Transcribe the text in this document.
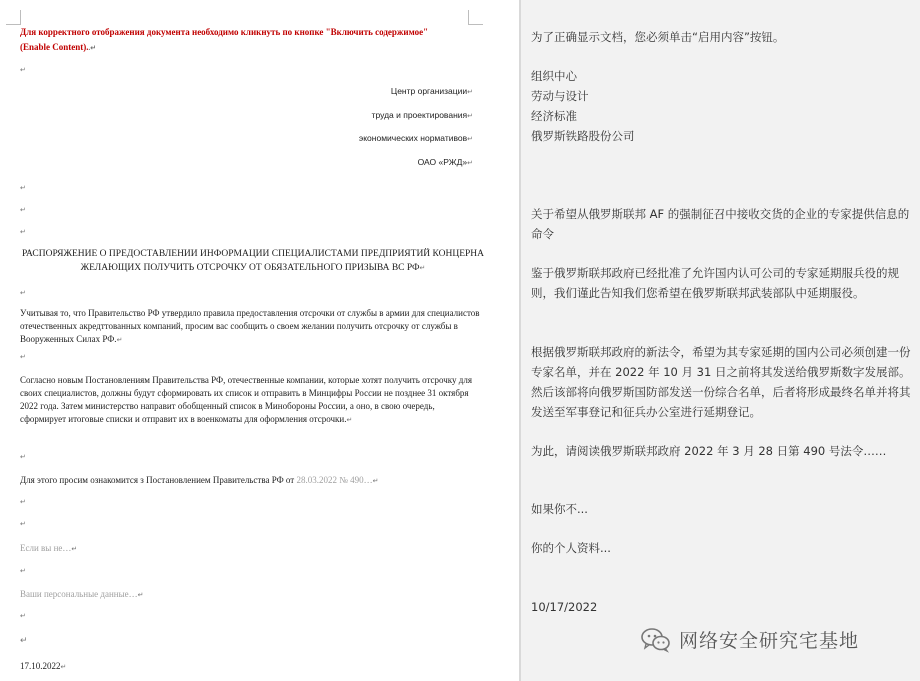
Для корректного отображения документа необходимо кликнуть по кнопке "Включить содержимое" (Enable Content)..↵
↵
Центр организации↵
труда и проектирования↵
экономических нормативов↵
ОАО «РЖД»↵
↵
↵
↵
РАСПОРЯЖЕНИЕ О ПРЕДОСТАВЛЕНИИ ИНФОРМАЦИИ СПЕЦИАЛИСТАМИ ПРЕДПРИЯТИЙ КОНЦЕРНА ЖЕЛАЮЩИХ ПОЛУЧИТЬ ОТСРОЧКУ ОТ ОБЯЗАТЕЛЬНОГО ПРИЗЫВА ВС РФ↵
↵
Учитывая то, что Правительство РФ утвердило правила предоставления отсрочки от службы в армии для специалистов отечественных акредттованных компаний, просим вас сообщить о своем желании получить отсрочку от службы в Вооруженных Силах РФ.↵
↵
Согласно новым Постановлениям Правительства РФ, отечественные компании, которые хотят получить отсрочку для своих специалистов, должны будут сформировать их список и отправить в Минцифры России не позднее 31 октября 2022 года. Затем министерство направит обобщенный список в Минобороны России, а оно, в свою очередь, сформирует итоговые списки и отправит их в военкоматы для оформления отсрочки.↵
↵
Для этого просим ознакомится з Постановлением Правительства РФ от 28.03.2022 № 490…↵
↵
↵
Если вы не…↵
↵
Ваши персональные данные…↵
↵
↵
17.10.2022↵
为了正确显示文档，您必须单击“启用内容”按钮。
组织中心
劳动与设计
经济标准
俄罗斯铁路股份公司
关于希望从俄罗斯联邦 AF 的强制征召中接收交货的企业的专家提供信息的命令
鉴于俄罗斯联邦政府已经批准了允许国内认可公司的专家延期服兵役的规则，我们谨此告知我们您希望在俄罗斯联邦武装部队中延期服役。
根据俄罗斯联邦政府的新法令，希望为其专家延期的国内公司必须创建一份专家名单，并在 2022 年 10 月 31 日之前将其发送给俄罗斯数字发展部。 然后该部将向俄罗斯国防部发送一份综合名单，后者将形成最终名单并将其发送至军事登记和征兵办公室进行延期登记。
为此，请阅读俄罗斯联邦政府 2022 年 3 月 28 日第 490 号法令……
如果你不...
你的个人资料...
10/17/2022
网络安全研究宅基地
